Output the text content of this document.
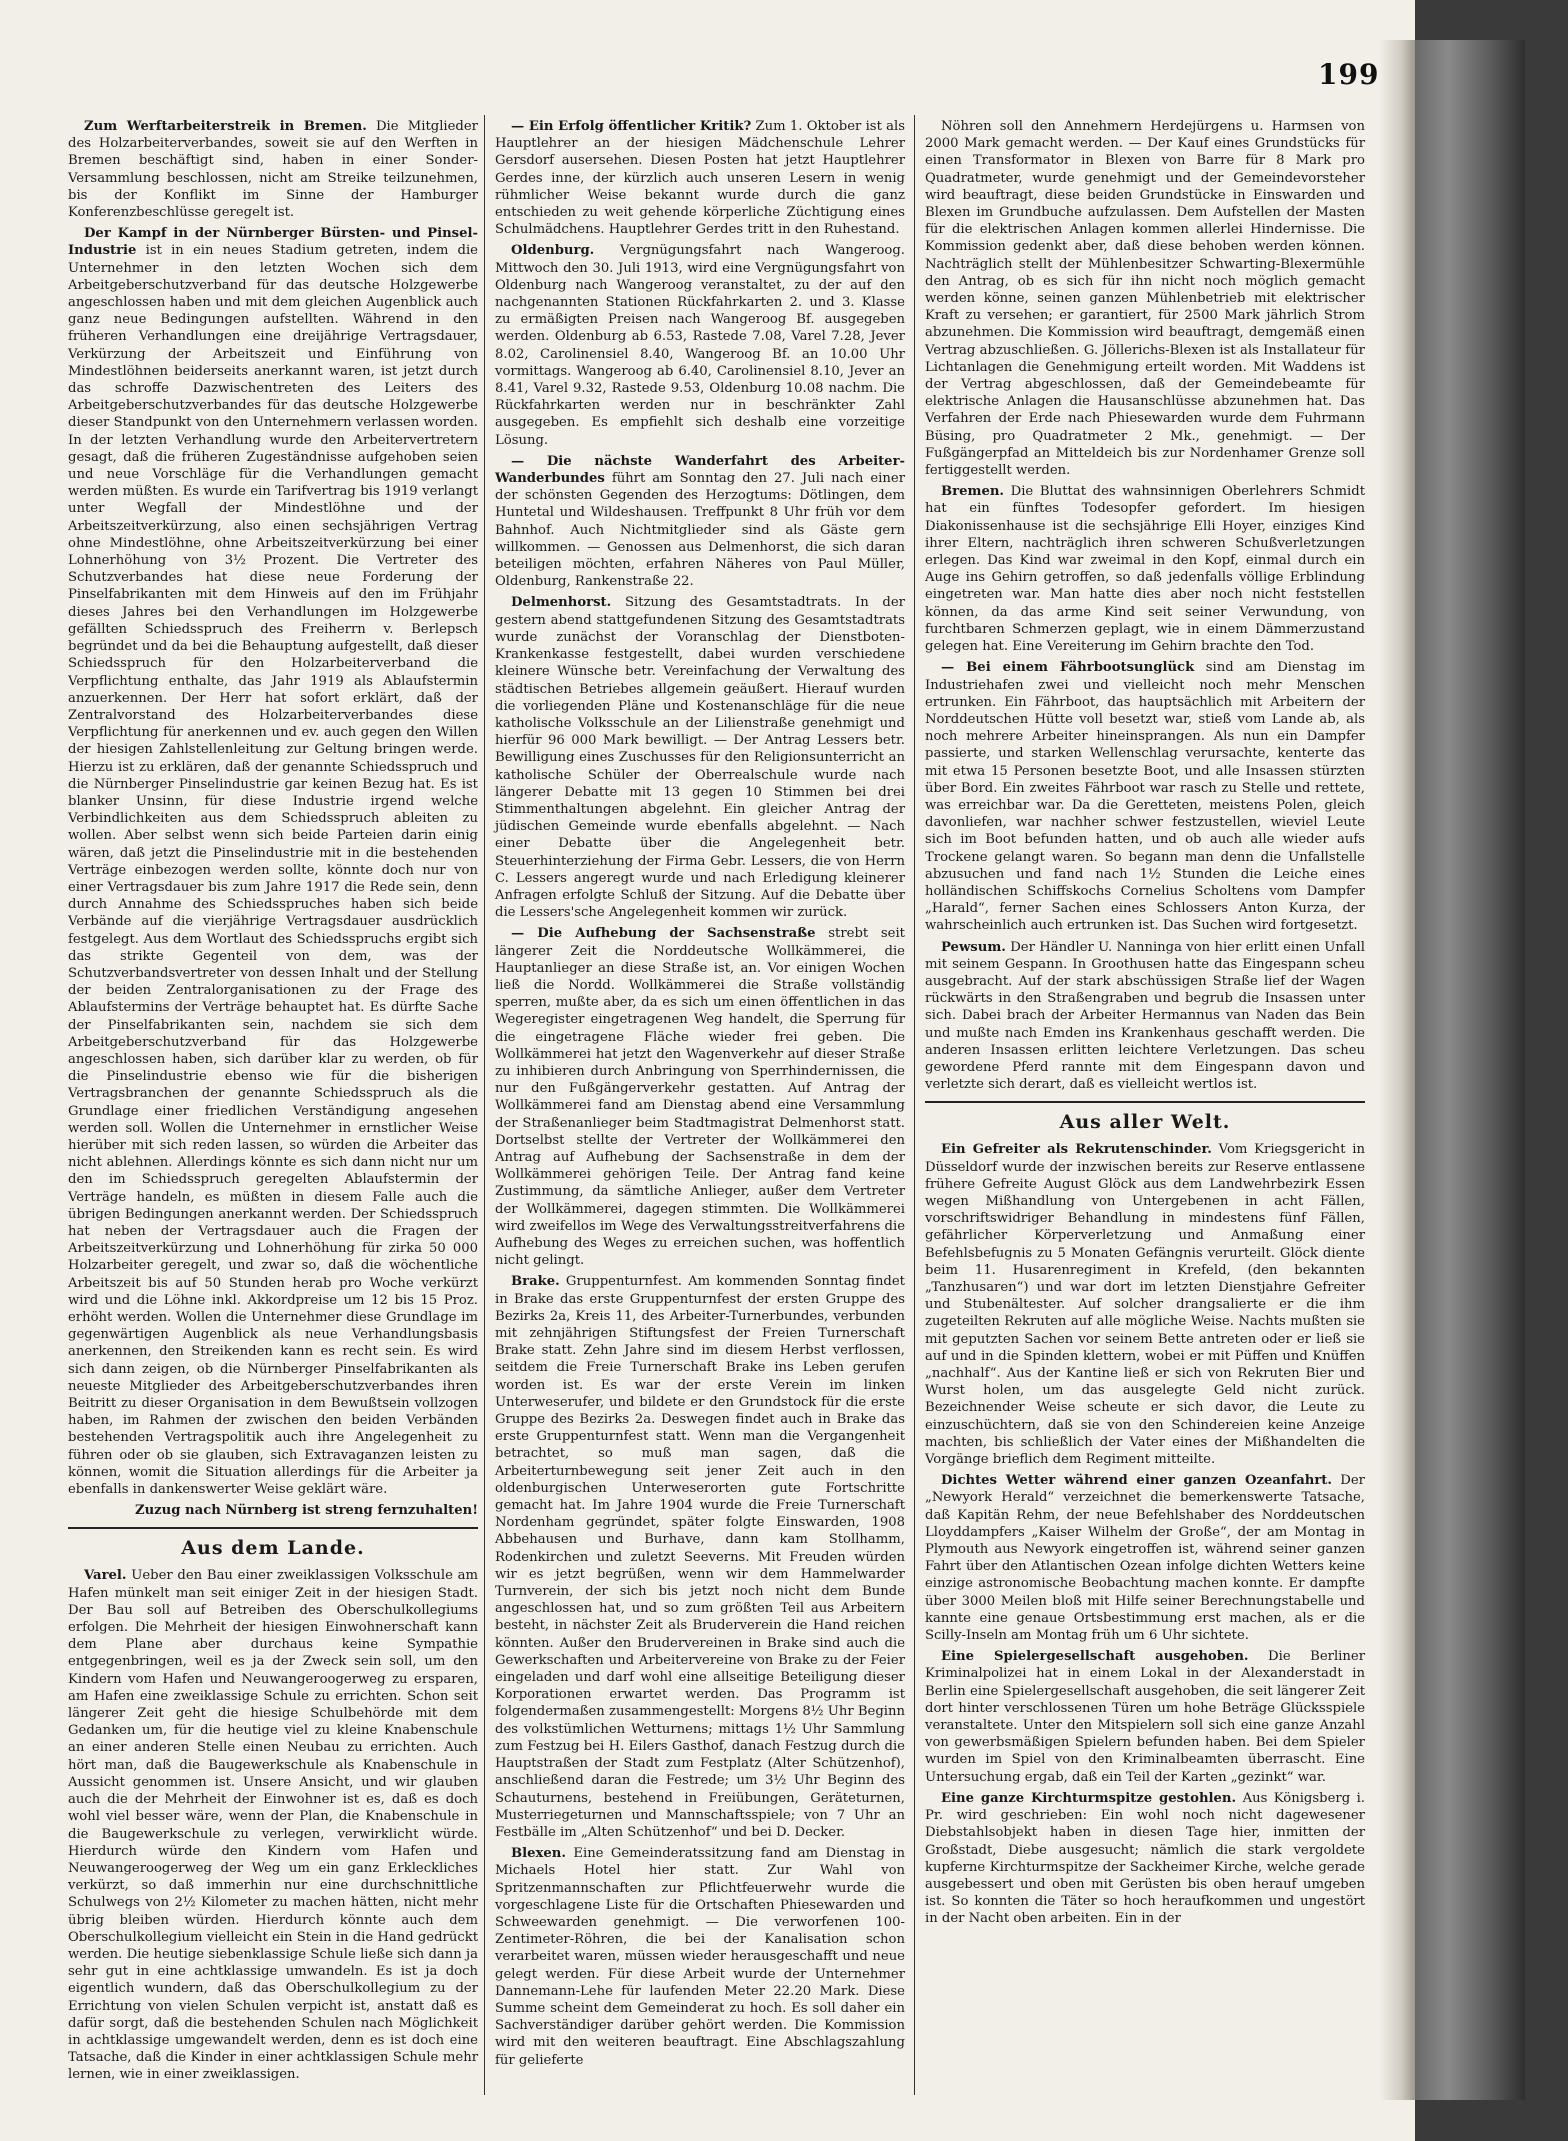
199

Zum Werftarbeiterstreik in Bremen. Die Mitglieder des Holzarbeiterverbandes, soweit sie auf den Werften in Bremen beschäftigt sind, haben in einer Sonder-Versammlung beschlossen, nicht am Streike teilzunehmen, bis der Konflikt im Sinne der Hamburger Konferenzbeschlüsse geregelt ist.

Der Kampf in der Nürnberger Bürsten- und Pinsel-Industrie ist in ein neues Stadium getreten, indem die Unternehmer in den letzten Wochen sich dem Arbeitgeberschutzverband für das deutsche Holzgewerbe angeschlossen haben und mit dem gleichen Augenblick auch ganz neue Bedingungen aufstellten. Während in den früheren Verhandlungen eine dreijährige Vertragsdauer, Verkürzung der Arbeitszeit und Einführung von Mindestlöhnen beiderseits anerkannt waren, ist jetzt durch das schroffe Dazwischentreten des Leiters des Arbeitgeberschutzverbandes für das deutsche Holzgewerbe dieser Standpunkt von den Unternehmern verlassen worden. In der letzten Verhandlung wurde den Arbeitervertretern gesagt, daß die früheren Zugeständnisse aufgehoben seien und neue Vorschläge für die Verhandlungen gemacht werden müßten. Es wurde ein Tarifvertrag bis 1919 verlangt unter Wegfall der Mindestlöhne und der Arbeitszeitverkürzung, also einen sechsjährigen Vertrag ohne Mindestlöhne, ohne Arbeitszeitverkürzung bei einer Lohnerhöhung von 3½ Prozent. Die Vertreter des Schutzverbandes hat diese neue Forderung der Pinselfabrikanten mit dem Hinweis auf den im Frühjahr dieses Jahres bei den Verhandlungen im Holzgewerbe gefällten Schiedsspruch des Freiherrn v. Berlepsch begründet und da bei die Behauptung aufgestellt, daß dieser Schiedsspruch für den Holzarbeiterverband die Verpflichtung enthalte, das Jahr 1919 als Ablaufstermin anzuerkennen. Der Herr hat sofort erklärt, daß der Zentralvorstand des Holzarbeiterverbandes diese Verpflichtung für anerkennen und ev. auch gegen den Willen der hiesigen Zahlstellenleitung zur Geltung bringen werde. Hierzu ist zu erklären, daß der genannte Schiedsspruch und die Nürnberger Pinselindustrie gar keinen Bezug hat. Es ist blanker Unsinn, für diese Industrie irgend welche Verbindlichkeiten aus dem Schiedsspruch ableiten zu wollen. Aber selbst wenn sich beide Parteien darin einig wären, daß jetzt die Pinselindustrie mit in die bestehenden Verträge einbezogen werden sollte, könnte doch nur von einer Vertragsdauer bis zum Jahre 1917 die Rede sein, denn durch Annahme des Schiedsspruches haben sich beide Verbände auf die vierjährige Vertragsdauer ausdrücklich festgelegt. Aus dem Wortlaut des Schiedsspruchs ergibt sich das strikte Gegenteil von dem, was der Schutzverbandsvertreter von dessen Inhalt und der Stellung der beiden Zentralorganisationen zu der Frage des Ablaufstermins der Verträge behauptet hat. Es dürfte Sache der Pinselfabrikanten sein, nachdem sie sich dem Arbeitgeberschutzverband für das Holzgewerbe angeschlossen haben, sich darüber klar zu werden, ob für die Pinselindustrie ebenso wie für die bisherigen Vertragsbranchen der genannte Schiedsspruch als die Grundlage einer friedlichen Verständigung angesehen werden soll. Wollen die Unternehmer in ernstlicher Weise hierüber mit sich reden lassen, so würden die Arbeiter das nicht ablehnen. Allerdings könnte es sich dann nicht nur um den im Schiedsspruch geregelten Ablaufstermin der Verträge handeln, es müßten in diesem Falle auch die übrigen Bedingungen anerkannt werden. Der Schiedsspruch hat neben der Vertragsdauer auch die Fragen der Arbeitszeitverkürzung und Lohnerhöhung für zirka 50 000 Holzarbeiter geregelt, und zwar so, daß die wöchentliche Arbeitszeit bis auf 50 Stunden herab pro Woche verkürzt wird und die Löhne inkl. Akkordpreise um 12 bis 15 Proz. erhöht werden. Wollen die Unternehmer diese Grundlage im gegenwärtigen Augenblick als neue Verhandlungsbasis anerkennen, den Streikenden kann es recht sein. Es wird sich dann zeigen, ob die Nürnberger Pinselfabrikanten als neueste Mitglieder des Arbeitgeberschutzverbandes ihren Beitritt zu dieser Organisation in dem Bewußtsein vollzogen haben, im Rahmen der zwischen den beiden Verbänden bestehenden Vertragspolitik auch ihre Angelegenheit zu führen oder ob sie glauben, sich Extravaganzen leisten zu können, womit die Situation allerdings für die Arbeiter ja ebenfalls in dankenswerter Weise geklärt wäre.

Zuzug nach Nürnberg ist streng fernzuhalten!

Aus dem Lande.

Varel. Ueber den Bau einer zweiklassigen Volksschule am Hafen münkelt man seit einiger Zeit in der hiesigen Stadt. Der Bau soll auf Betreiben des Oberschulkollegiums erfolgen. Die Mehrheit der hiesigen Einwohnerschaft kann dem Plane aber durchaus keine Sympathie entgegenbringen, weil es ja der Zweck sein soll, um den Kindern vom Hafen und Neuwangeroogerweg zu ersparen, am Hafen eine zweiklassige Schule zu errichten. Schon seit längerer Zeit geht die hiesige Schulbehörde mit dem Gedanken um, für die heutige viel zu kleine Knabenschule an einer anderen Stelle einen Neubau zu errichten. Auch hört man, daß die Baugewerkschule als Knabenschule in Aussicht genommen ist. Unsere Ansicht, und wir glauben auch die der Mehrheit der Einwohner ist es, daß es doch wohl viel besser wäre, wenn der Plan, die Knabenschule in die Baugewerkschule zu verlegen, verwirklicht würde. Hierdurch würde den Kindern vom Hafen und Neuwangeroogerweg der Weg um ein ganz Erkleckliches verkürzt, so daß immerhin nur eine durchschnittliche Schulwegs von 2½ Kilometer zu machen hätten, nicht mehr übrig bleiben würden. Hierdurch könnte auch dem Oberschulkollegium vielleicht ein Stein in die Hand gedrückt werden. Die heutige siebenklassige Schule ließe sich dann ja sehr gut in eine achtklassige umwandeln. Es ist ja doch eigentlich wundern, daß das Oberschulkollegium zu der Errichtung von vielen Schulen verpicht ist, anstatt daß es dafür sorgt, daß die bestehenden Schulen nach Möglichkeit in achtklassige umgewandelt werden, denn es ist doch eine Tatsache, daß die Kinder in einer achtklassigen Schule mehr lernen, wie in einer zweiklassigen.

— Ein Erfolg öffentlicher Kritik? Zum 1. Oktober ist als Hauptlehrer an der hiesigen Mädchenschule Lehrer Gersdorf ausersehen. Diesen Posten hat jetzt Hauptlehrer Gerdes inne, der kürzlich auch unseren Lesern in wenig rühmlicher Weise bekannt wurde durch die ganz entschieden zu weit gehende körperliche Züchtigung eines Schulmädchens. Hauptlehrer Gerdes tritt in den Ruhestand.

Oldenburg. Vergnügungsfahrt nach Wangeroog. Mittwoch den 30. Juli 1913, wird eine Vergnügungsfahrt von Oldenburg nach Wangeroog veranstaltet, zu der auf den nachgenannten Stationen Rückfahrkarten 2. und 3. Klasse zu ermäßigten Preisen nach Wangeroog Bf. ausgegeben werden. Oldenburg ab 6.53, Rastede 7.08, Varel 7.28, Jever 8.02, Carolinensiel 8.40, Wangeroog Bf. an 10.00 Uhr vormittags. Wangeroog ab 6.40, Carolinensiel 8.10, Jever an 8.41, Varel 9.32, Rastede 9.53, Oldenburg 10.08 nachm. Die Rückfahrkarten werden nur in beschränkter Zahl ausgegeben. Es empfiehlt sich deshalb eine vorzeitige Lösung.

— Die nächste Wanderfahrt des Arbeiter-Wanderbundes führt am Sonntag den 27. Juli nach einer der schönsten Gegenden des Herzogtums: Dötlingen, dem Huntetal und Wildeshausen. Treffpunkt 8 Uhr früh vor dem Bahnhof. Auch Nichtmitglieder sind als Gäste gern willkommen. — Genossen aus Delmenhorst, die sich daran beteiligen möchten, erfahren Näheres von Paul Müller, Oldenburg, Rankenstraße 22.

Delmenhorst. Sitzung des Gesamtstadtrats. In der gestern abend stattgefundenen Sitzung des Gesamtstadtrats wurde zunächst der Voranschlag der Dienstboten-Krankenkasse festgestellt, dabei wurden verschiedene kleinere Wünsche betr. Vereinfachung der Verwaltung des städtischen Betriebes allgemein geäußert. Hierauf wurden die vorliegenden Pläne und Kostenanschläge für die neue katholische Volksschule an der Lilienstraße genehmigt und hierfür 96 000 Mark bewilligt. — Der Antrag Lessers betr. Bewilligung eines Zuschusses für den Religionsunterricht an katholische Schüler der Oberrealschule wurde nach längerer Debatte mit 13 gegen 10 Stimmen bei drei Stimmenthaltungen abgelehnt. Ein gleicher Antrag der jüdischen Gemeinde wurde ebenfalls abgelehnt. — Nach einer Debatte über die Angelegenheit betr. Steuerhinterziehung der Firma Gebr. Lessers, die von Herrn C. Lessers angeregt wurde und nach Erledigung kleinerer Anfragen erfolgte Schluß der Sitzung. Auf die Debatte über die Lessers'sche Angelegenheit kommen wir zurück.

— Die Aufhebung der Sachsenstraße strebt seit längerer Zeit die Norddeutsche Wollkämmerei, die Hauptanlieger an diese Straße ist, an. Vor einigen Wochen ließ die Nordd. Wollkämmerei die Straße vollständig sperren, mußte aber, da es sich um einen öffentlichen in das Wegeregister eingetragenen Weg handelt, die Sperrung für die eingetragene Fläche wieder frei geben. Die Wollkämmerei hat jetzt den Wagenverkehr auf dieser Straße zu inhibieren durch Anbringung von Sperrhindernissen, die nur den Fußgängerverkehr gestatten. Auf Antrag der Wollkämmerei fand am Dienstag abend eine Versammlung der Straßenanlieger beim Stadtmagistrat Delmenhorst statt. Dortselbst stellte der Vertreter der Wollkämmerei den Antrag auf Aufhebung der Sachsenstraße in dem der Wollkämmerei gehörigen Teile. Der Antrag fand keine Zustimmung, da sämtliche Anlieger, außer dem Vertreter der Wollkämmerei, dagegen stimmten. Die Wollkämmerei wird zweifellos im Wege des Verwaltungsstreitverfahrens die Aufhebung des Weges zu erreichen suchen, was hoffentlich nicht gelingt.

Brake. Gruppenturnfest. Am kommenden Sonntag findet in Brake das erste Gruppenturnfest der ersten Gruppe des Bezirks 2a, Kreis 11, des Arbeiter-Turnerbundes, verbunden mit zehnjährigen Stiftungsfest der Freien Turnerschaft Brake statt. Zehn Jahre sind im diesem Herbst verflossen, seitdem die Freie Turnerschaft Brake ins Leben gerufen worden ist. Es war der erste Verein im linken Unterweserufer, und bildete er den Grundstock für die erste Gruppe des Bezirks 2a. Deswegen findet auch in Brake das erste Gruppenturnfest statt. Wenn man die Vergangenheit betrachtet, so muß man sagen, daß die Arbeiterturnbewegung seit jener Zeit auch in den oldenburgischen Unterweserorten gute Fortschritte gemacht hat. Im Jahre 1904 wurde die Freie Turnerschaft Nordenham gegründet, später folgte Einswarden, 1908 Abbehausen und Burhave, dann kam Stollhamm, Rodenkirchen und zuletzt Seeverns. Mit Freuden würden wir es jetzt begrüßen, wenn wir dem Hammelwarder Turnverein, der sich bis jetzt noch nicht dem Bunde angeschlossen hat, und so zum größten Teil aus Arbeitern besteht, in nächster Zeit als Bruderverein die Hand reichen könnten. Außer den Brudervereinen in Brake sind auch die Gewerkschaften und Arbeitervereine von Brake zu der Feier eingeladen und darf wohl eine allseitige Beteiligung dieser Korporationen erwartet werden. Das Programm ist folgendermaßen zusammengestellt: Morgens 8½ Uhr Beginn des volkstümlichen Wetturnens; mittags 1½ Uhr Sammlung zum Festzug bei H. Eilers Gasthof, danach Festzug durch die Hauptstraßen der Stadt zum Festplatz (Alter Schützenhof), anschließend daran die Festrede; um 3½ Uhr Beginn des Schauturnens, bestehend in Freiübungen, Geräteturnen, Musterriegeturnen und Mannschaftsspiele; von 7 Uhr an Festbälle im „Alten Schützenhof“ und bei D. Decker.

Blexen. Eine Gemeinderatssitzung fand am Dienstag in Michaels Hotel hier statt. Zur Wahl von Spritzenmannschaften zur Pflichtfeuerwehr wurde die vorgeschlagene Liste für die Ortschaften Phiesewarden und Schweewarden genehmigt. — Die verworfenen 100-Zentimeter-Röhren, die bei der Kanalisation schon verarbeitet waren, müssen wieder herausgeschafft und neue gelegt werden. Für diese Arbeit wurde der Unternehmer Dannemann-Lehe für laufenden Meter 22.20 Mark. Diese Summe scheint dem Gemeinderat zu hoch. Es soll daher ein Sachverständiger darüber gehört werden. Die Kommission wird mit den weiteren beauftragt. Eine Abschlagszahlung für gelieferte

Nöhren soll den Annehmern Herdejürgens u. Harmsen von 2000 Mark gemacht werden. — Der Kauf eines Grundstücks für einen Transformator in Blexen von Barre für 8 Mark pro Quadratmeter, wurde genehmigt und der Gemeindevorsteher wird beauftragt, diese beiden Grundstücke in Einswarden und Blexen im Grundbuche aufzulassen. Dem Aufstellen der Masten für die elektrischen Anlagen kommen allerlei Hindernisse. Die Kommission gedenkt aber, daß diese behoben werden können. Nachträglich stellt der Mühlenbesitzer Schwarting-Blexermühle den Antrag, ob es sich für ihn nicht noch möglich gemacht werden könne, seinen ganzen Mühlenbetrieb mit elektrischer Kraft zu versehen; er garantiert, für 2500 Mark jährlich Strom abzunehmen. Die Kommission wird beauftragt, demgemäß einen Vertrag abzuschließen. G. Jöllerichs-Blexen ist als Installateur für Lichtanlagen die Genehmigung erteilt worden. Mit Waddens ist der Vertrag abgeschlossen, daß der Gemeindebeamte für elektrische Anlagen die Hausanschlüsse abzunehmen hat. Das Verfahren der Erde nach Phiesewarden wurde dem Fuhrmann Büsing, pro Quadratmeter 2 Mk., genehmigt. — Der Fußgängerpfad an Mitteldeich bis zur Nordenhamer Grenze soll fertiggestellt werden.

Bremen. Die Bluttat des wahnsinnigen Oberlehrers Schmidt hat ein fünftes Todesopfer gefordert. Im hiesigen Diakonissenhause ist die sechsjährige Elli Hoyer, einziges Kind ihrer Eltern, nachträglich ihren schweren Schußverletzungen erlegen. Das Kind war zweimal in den Kopf, einmal durch ein Auge ins Gehirn getroffen, so daß jedenfalls völlige Erblindung eingetreten war. Man hatte dies aber noch nicht feststellen können, da das arme Kind seit seiner Verwundung, von furchtbaren Schmerzen geplagt, wie in einem Dämmerzustand gelegen hat. Eine Vereiterung im Gehirn brachte den Tod.

— Bei einem Fährbootsunglück sind am Dienstag im Industriehafen zwei und vielleicht noch mehr Menschen ertrunken. Ein Fährboot, das hauptsächlich mit Arbeitern der Norddeutschen Hütte voll besetzt war, stieß vom Lande ab, als noch mehrere Arbeiter hineinsprangen. Als nun ein Dampfer passierte, und starken Wellenschlag verursachte, kenterte das mit etwa 15 Personen besetzte Boot, und alle Insassen stürzten über Bord. Ein zweites Fährboot war rasch zu Stelle und rettete, was erreichbar war. Da die Geretteten, meistens Polen, gleich davonliefen, war nachher schwer festzustellen, wieviel Leute sich im Boot befunden hatten, und ob auch alle wieder aufs Trockene gelangt waren. So begann man denn die Unfallstelle abzusuchen und fand nach 1½ Stunden die Leiche eines holländischen Schiffskochs Cornelius Scholtens vom Dampfer „Harald“, ferner Sachen eines Schlossers Anton Kurza, der wahrscheinlich auch ertrunken ist. Das Suchen wird fortgesetzt.

Pewsum. Der Händler U. Nanninga von hier erlitt einen Unfall mit seinem Gespann. In Groothusen hatte das Eingespann scheu ausgebracht. Auf der stark abschüssigen Straße lief der Wagen rückwärts in den Straßengraben und begrub die Insassen unter sich. Dabei brach der Arbeiter Hermannus van Naden das Bein und mußte nach Emden ins Krankenhaus geschafft werden. Die anderen Insassen erlitten leichtere Verletzungen. Das scheu gewordene Pferd rannte mit dem Eingespann davon und verletzte sich derart, daß es vielleicht wertlos ist.

Aus aller Welt.

Ein Gefreiter als Rekrutenschinder. Vom Kriegsgericht in Düsseldorf wurde der inzwischen bereits zur Reserve entlassene frühere Gefreite August Glöck aus dem Landwehrbezirk Essen wegen Mißhandlung von Untergebenen in acht Fällen, vorschriftswidriger Behandlung in mindestens fünf Fällen, gefährlicher Körperverletzung und Anmaßung einer Befehlsbefugnis zu 5 Monaten Gefängnis verurteilt. Glöck diente beim 11. Husarenregiment in Krefeld, (den bekannten „Tanzhusaren“) und war dort im letzten Dienstjahre Gefreiter und Stubenältester. Auf solcher drangsalierte er die ihm zugeteilten Rekruten auf alle mögliche Weise. Nachts mußten sie mit geputzten Sachen vor seinem Bette antreten oder er ließ sie auf und in die Spinden klettern, wobei er mit Püffen und Knüffen „nachhalf“. Aus der Kantine ließ er sich von Rekruten Bier und Wurst holen, um das ausgelegte Geld nicht zurück. Bezeichnender Weise scheute er sich davor, die Leute zu einzuschüchtern, daß sie von den Schindereien keine Anzeige machten, bis schließlich der Vater eines der Mißhandelten die Vorgänge brieflich dem Regiment mitteilte.

Dichtes Wetter während einer ganzen Ozeanfahrt. Der „Newyork Herald“ verzeichnet die bemerkenswerte Tatsache, daß Kapitän Rehm, der neue Befehlshaber des Norddeutschen Lloyddampfers „Kaiser Wilhelm der Große“, der am Montag in Plymouth aus Newyork eingetroffen ist, während seiner ganzen Fahrt über den Atlantischen Ozean infolge dichten Wetters keine einzige astronomische Beobachtung machen konnte. Er dampfte über 3000 Meilen bloß mit Hilfe seiner Berechnungstabelle und kannte eine genaue Ortsbestimmung erst machen, als er die Scilly-Inseln am Montag früh um 6 Uhr sichtete.

Eine Spielergesellschaft ausgehoben. Die Berliner Kriminalpolizei hat in einem Lokal in der Alexanderstadt in Berlin eine Spielergesellschaft ausgehoben, die seit längerer Zeit dort hinter verschlossenen Türen um hohe Beträge Glücksspiele veranstaltete. Unter den Mitspielern soll sich eine ganze Anzahl von gewerbsmäßigen Spielern befunden haben. Bei dem Spieler wurden im Spiel von den Kriminalbeamten überrascht. Eine Untersuchung ergab, daß ein Teil der Karten „gezinkt“ war.

Eine ganze Kirchturmspitze gestohlen. Aus Königsberg i. Pr. wird geschrieben: Ein wohl noch nicht dagewesener Diebstahlsobjekt haben in diesen Tage hier, inmitten der Großstadt, Diebe ausgesucht; nämlich die stark vergoldete kupferne Kirchturmspitze der Sackheimer Kirche, welche gerade ausgebessert und oben mit Gerüsten bis oben herauf umgeben ist. So konnten die Täter so hoch heraufkommen und ungestört in der Nacht oben arbeiten. Ein in der
